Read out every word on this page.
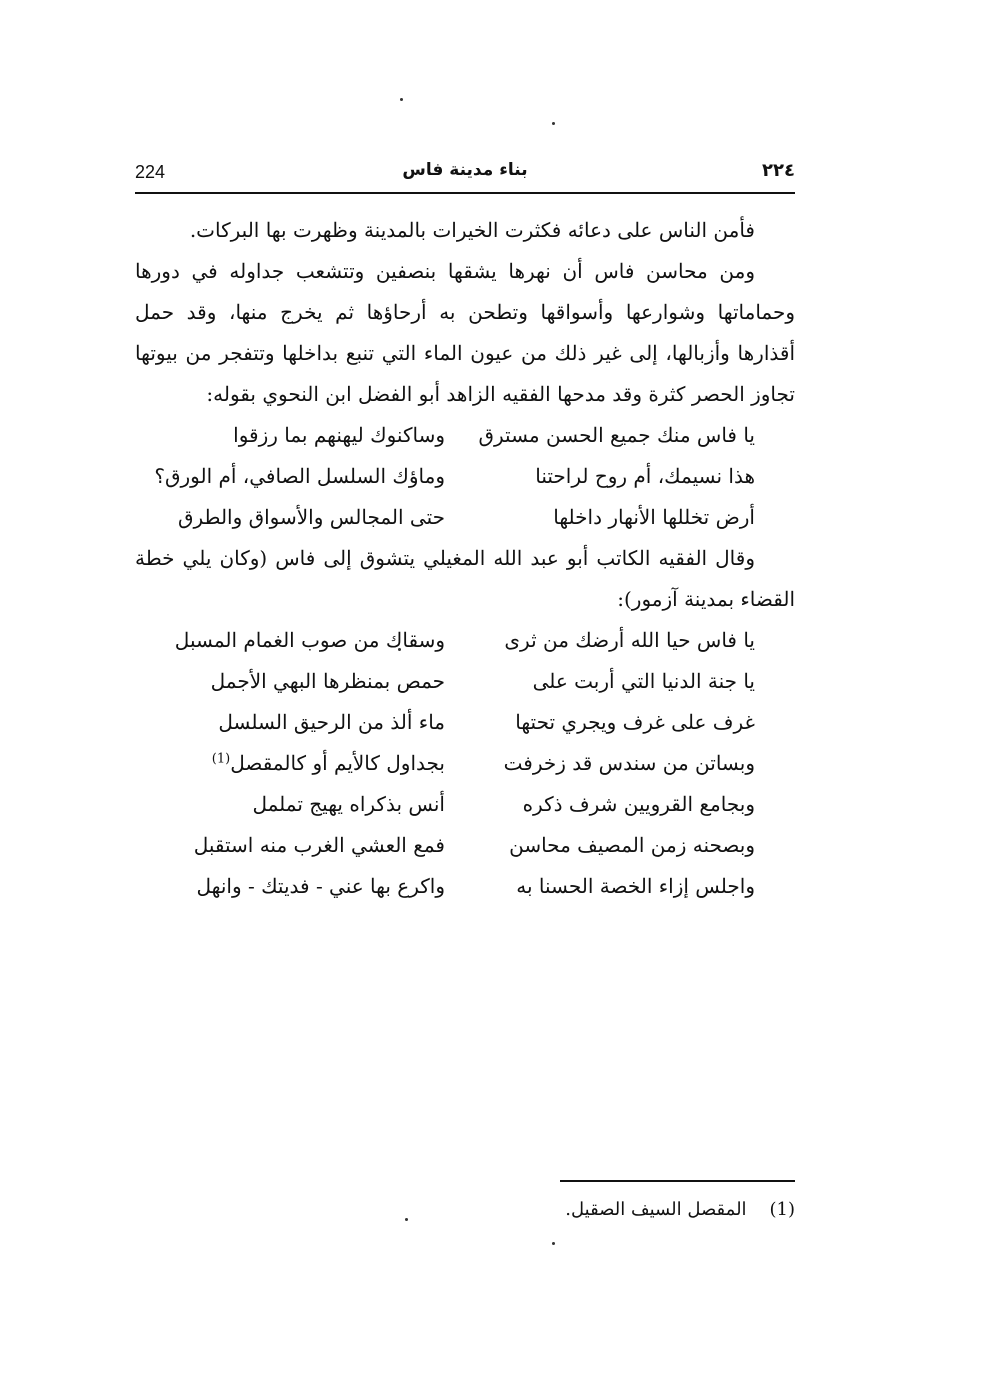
224	بناء مدينة فاس	٢٢٤

فأمن الناس على دعائه فكثرت الخيرات بالمدينة وظهرت بها البركات.

ومن محاسن فاس أن نهرها يشقها بنصفين وتتشعب جداوله في دورها وحماماتها وشوارعها وأسواقها وتطحن به أرحاؤها ثم يخرج منها، وقد حمل أقذارها وأزبالها، إلى غير ذلك من عيون الماء التي تنبع بداخلها وتتفجر من بيوتها تجاوز الحصر كثرة وقد مدحها الفقيه الزاهد أبو الفضل ابن النحوي بقوله:

يا فاس منك جميع الحسن مسترق
وساكنوك ليهنهم بما رزقوا
هذا نسيمك، أم روح لراحتنا
وماؤك السلسل الصافي، أم الورق؟
أرض تخللها الأنهار داخلها
حتى المجالس والأسواق والطرق

وقال الفقيه الكاتب أبو عبد الله المغيلي يتشوق إلى فاس (وكان يلي خطة القضاء بمدينة آزمور):

يا فاس حيا الله أرضك من ثرى
وسقاك من صوب الغمام المسبل
يا جنة الدنيا التي أربت على
حمص بمنظرها البهي الأجمل
غرف على غرف ويجري تحتها
ماء ألذ من الرحيق السلسل
وبساتن من سندس قد زخرفت
بجداول كالأيم أو كالمقصل$^{(1)}$
وبجامع القرويين شرف ذكره
أنس بذكراه يهيج تململ
وبصحنه زمن المصيف محاسن
فمع العشي الغرب منه استقبل
واجلس إزاء الخصة الحسنا به
واكرع بها عني - فديتك - وانهل
(1)    المقصل السيف الصقيل.
